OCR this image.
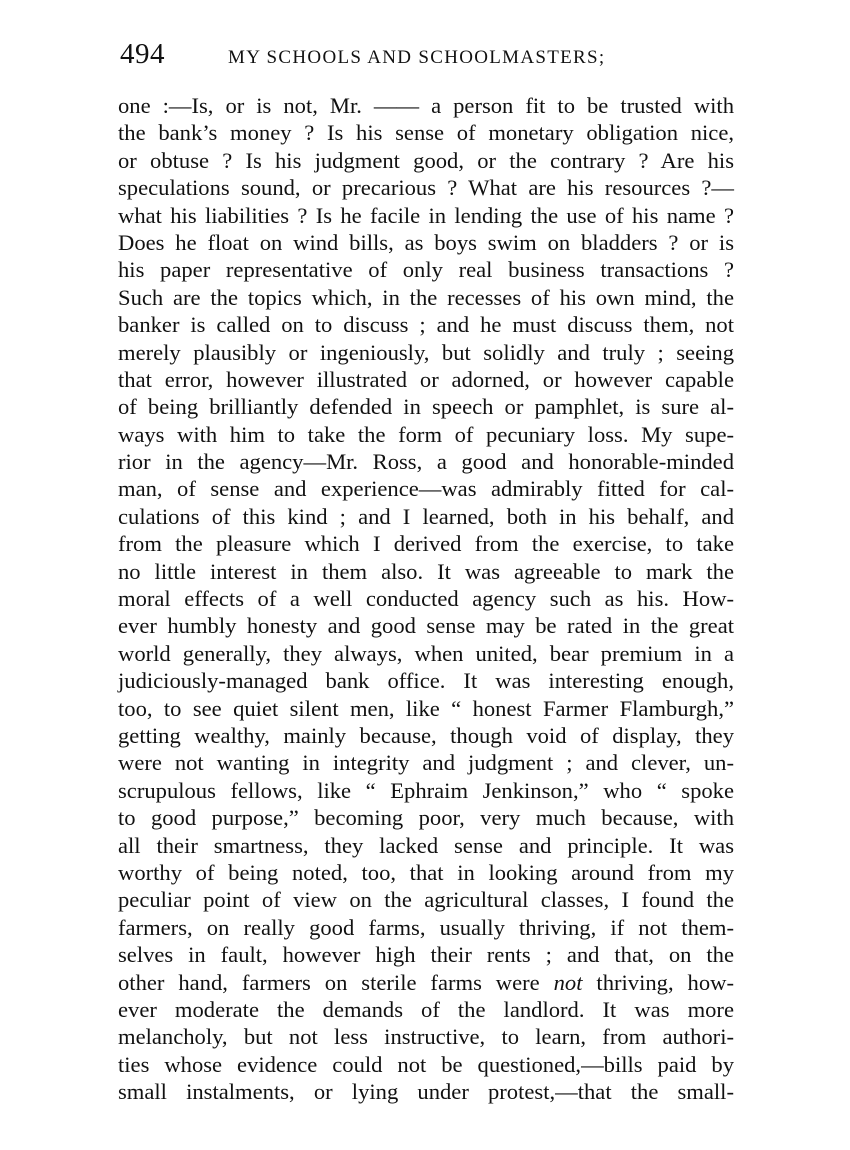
494	MY SCHOOLS AND SCHOOLMASTERS;
one :—Is, or is not, Mr. —— a person fit to be trusted with
the bank’s money ? Is his sense of monetary obligation nice,
or obtuse ? Is his judgment good, or the contrary ? Are his
speculations sound, or precarious ? What are his resources ?—
what his liabilities ? Is he facile in lending the use of his name ?
Does he float on wind bills, as boys swim on bladders ? or is
his paper representative of only real business transactions ?
Such are the topics which, in the recesses of his own mind, the
banker is called on to discuss ; and he must discuss them, not
merely plausibly or ingeniously, but solidly and truly ; seeing
that error, however illustrated or adorned, or however capable
of being brilliantly defended in speech or pamphlet, is sure al-
ways with him to take the form of pecuniary loss. My supe-
rior in the agency—Mr. Ross, a good and honorable-minded
man, of sense and experience—was admirably fitted for cal-
culations of this kind ; and I learned, both in his behalf, and
from the pleasure which I derived from the exercise, to take
no little interest in them also. It was agreeable to mark the
moral effects of a well conducted agency such as his. How-
ever humbly honesty and good sense may be rated in the great
world generally, they always, when united, bear premium in a
judiciously-managed bank office. It was interesting enough,
too, to see quiet silent men, like “ honest Farmer Flamburgh,”
getting wealthy, mainly because, though void of display, they
were not wanting in integrity and judgment ; and clever, un-
scrupulous fellows, like “ Ephraim Jenkinson,” who “ spoke
to good purpose,” becoming poor, very much because, with
all their smartness, they lacked sense and principle. It was
worthy of being noted, too, that in looking around from my
peculiar point of view on the agricultural classes, I found the
farmers, on really good farms, usually thriving, if not them-
selves in fault, however high their rents ; and that, on the
other hand, farmers on sterile farms were not thriving, how-
ever moderate the demands of the landlord. It was more
melancholy, but not less instructive, to learn, from authori-
ties whose evidence could not be questioned,—bills paid by
small instalments, or lying under protest,—that the small-
